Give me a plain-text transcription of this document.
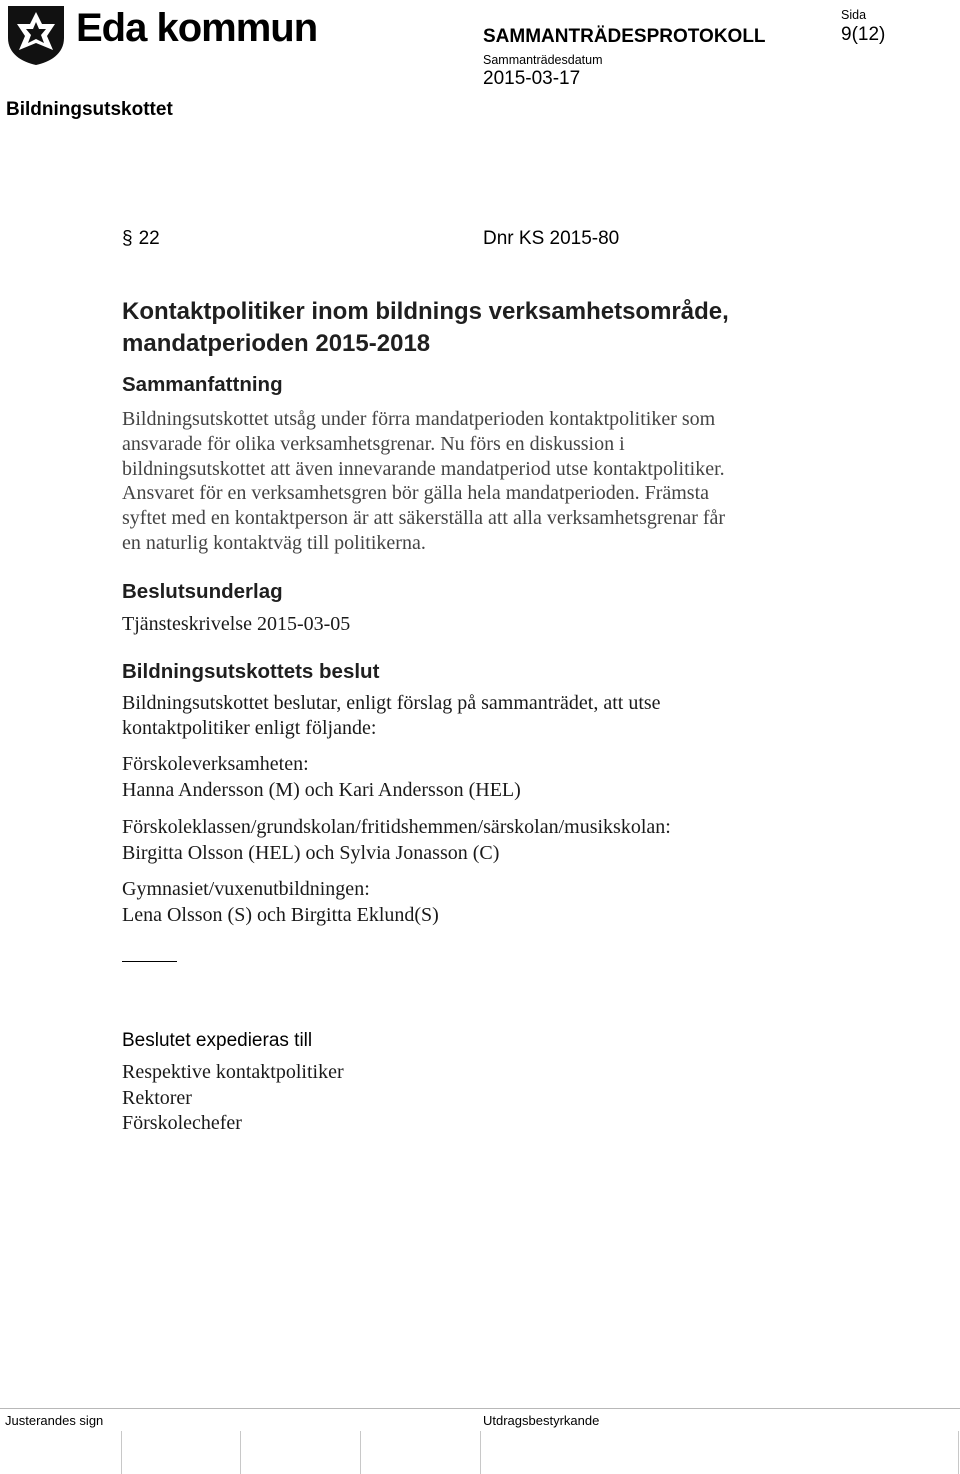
Eda kommun
Bildningsutskottet
SAMMANTRÄDESPROTOKOLL
Sammanträdesdatum
2015-03-17
Sida
9(12)
§ 22	Dnr KS 2015-80
Kontaktpolitiker inom bildnings verksamhetsområde, mandatperioden 2015-2018
Sammanfattning
Bildningsutskottet utsåg under förra mandatperioden kontaktpolitiker som
ansvarade för olika verksamhetsgrenar. Nu förs en diskussion i
bildningsutskottet att även innevarande mandatperiod utse kontaktpolitiker.
Ansvaret för en verksamhetsgren bör gälla hela mandatperioden. Främsta
syftet med en kontaktperson är att säkerställa att alla verksamhetsgrenar får
en naturlig kontaktväg till politikerna.
Beslutsunderlag
Tjänsteskrivelse 2015-03-05
Bildningsutskottets beslut
Bildningsutskottet beslutar, enligt förslag på sammanträdet, att utse
kontaktpolitiker enligt följande:
Förskoleverksamheten:
Hanna Andersson (M) och Kari Andersson (HEL)
Förskoleklassen/grundskolan/fritidshemmen/särskolan/musikskolan:
Birgitta Olsson (HEL) och Sylvia Jonasson (C)
Gymnasiet/vuxenutbildningen:
Lena Olsson (S) och Birgitta Eklund(S)
Beslutet expedieras till
Respektive kontaktpolitiker
Rektorer
Förskolechefer
Justerandes sign	Utdragsbestyrkande
